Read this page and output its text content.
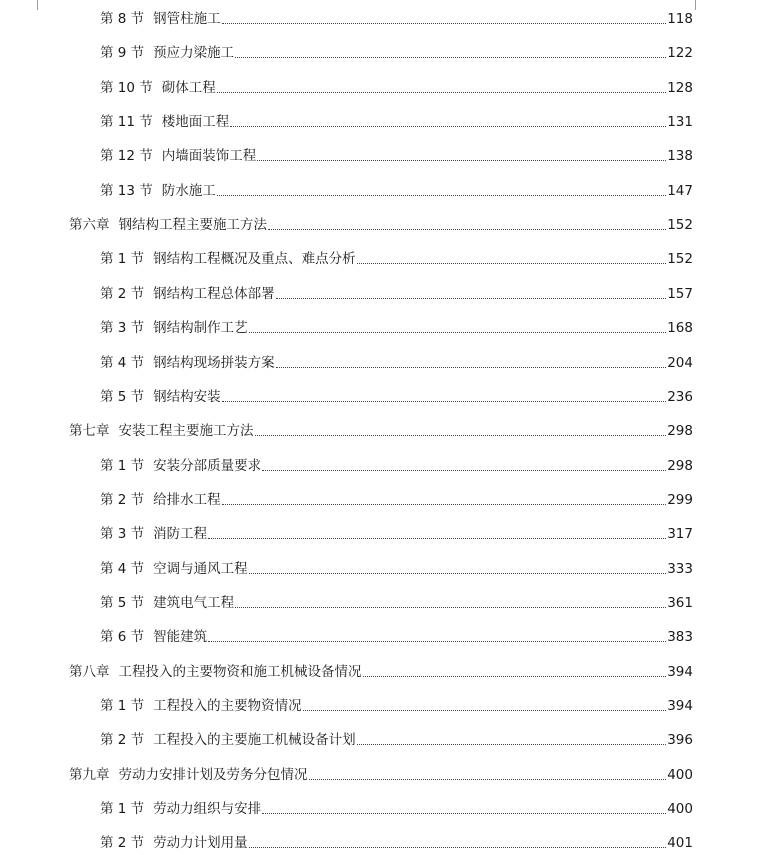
第 8 节 钢管柱施工	118
第 9 节 预应力梁施工	122
第 10 节 砌体工程	128
第 11 节 楼地面工程	131
第 12 节 内墙面装饰工程	138
第 13 节 防水施工	147
第六章 钢结构工程主要施工方法	152
第 1 节 钢结构工程概况及重点、难点分析	152
第 2 节 钢结构工程总体部署	157
第 3 节 钢结构制作工艺	168
第 4 节 钢结构现场拼装方案	204
第 5 节 钢结构安装	236
第七章 安装工程主要施工方法	298
第 1 节 安装分部质量要求	298
第 2 节 给排水工程	299
第 3 节 消防工程	317
第 4 节 空调与通风工程	333
第 5 节 建筑电气工程	361
第 6 节 智能建筑	383
第八章 工程投入的主要物资和施工机械设备情况	394
第 1 节 工程投入的主要物资情况	394
第 2 节 工程投入的主要施工机械设备计划	396
第九章 劳动力安排计划及劳务分包情况	400
第 1 节 劳动力组织与安排	400
第 2 节 劳动力计划用量	401
